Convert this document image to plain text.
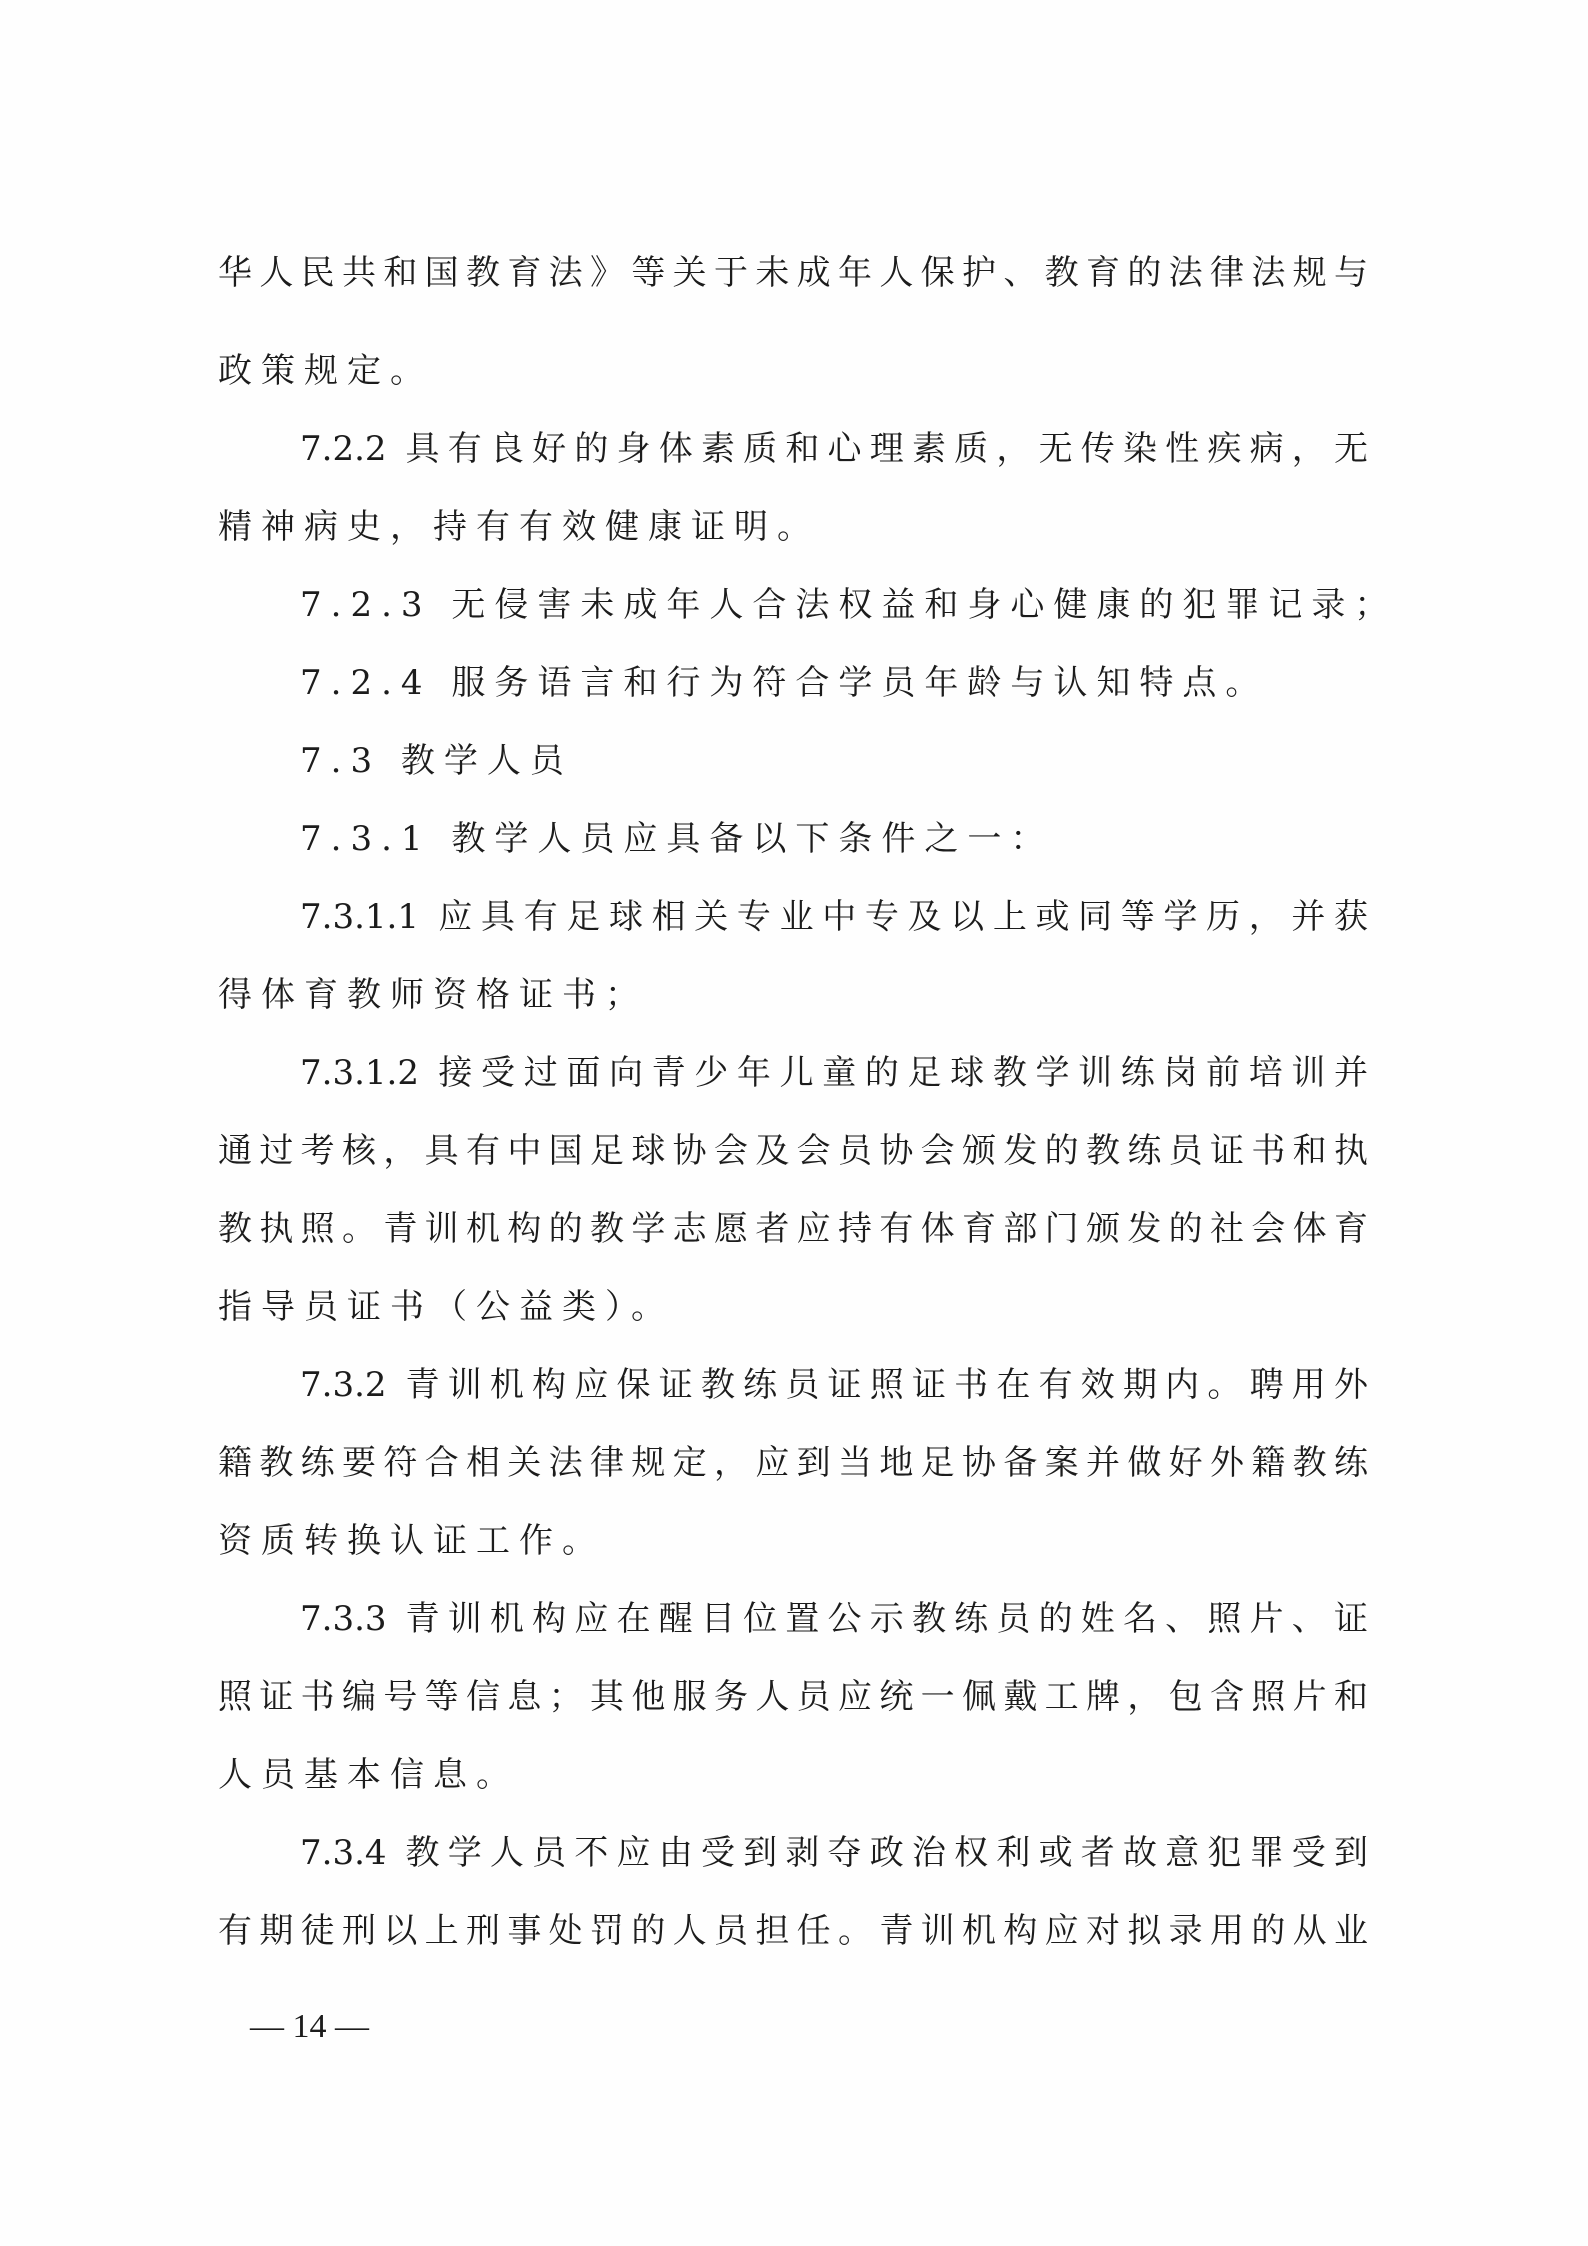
华人民共和国教育法》等关于未成年人保护、教育的法律法规与

政策规定。

7.2.2 具有良好的身体素质和心理素质，无传染性疾病，无

精神病史，持有有效健康证明。

7.2.3 无侵害未成年人合法权益和身心健康的犯罪记录；

7.2.4 服务语言和行为符合学员年龄与认知特点。

7.3 教学人员

7.3.1 教学人员应具备以下条件之一：

7.3.1.1 应具有足球相关专业中专及以上或同等学历，并获

得体育教师资格证书；

7.3.1.2 接受过面向青少年儿童的足球教学训练岗前培训并

通过考核，具有中国足球协会及会员协会颁发的教练员证书和执

教执照。青训机构的教学志愿者应持有体育部门颁发的社会体育

指导员证书（公益类）。

7.3.2 青训机构应保证教练员证照证书在有效期内。聘用外

籍教练要符合相关法律规定，应到当地足协备案并做好外籍教练

资质转换认证工作。

7.3.3 青训机构应在醒目位置公示教练员的姓名、照片、证

照证书编号等信息；其他服务人员应统一佩戴工牌，包含照片和

人员基本信息。

7.3.4 教学人员不应由受到剥夺政治权利或者故意犯罪受到

有期徒刑以上刑事处罚的人员担任。青训机构应对拟录用的从业

— 14 —
